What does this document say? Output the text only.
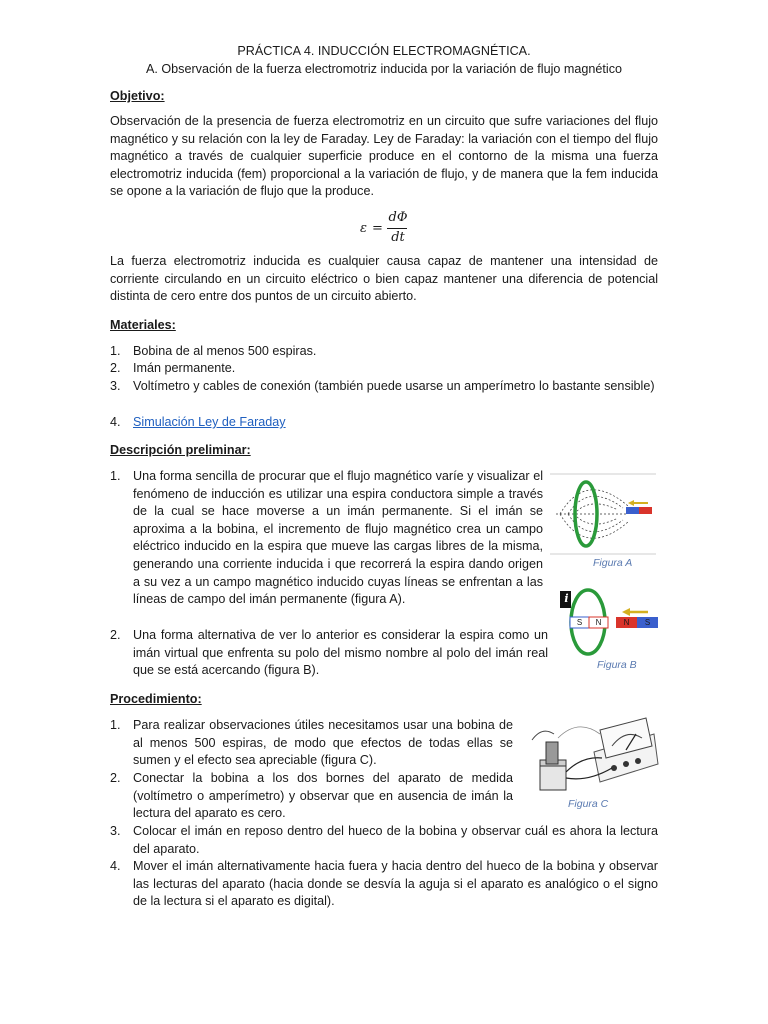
PRÁCTICA 4. INDUCCIÓN ELECTROMAGNÉTICA.
A. Observación de la fuerza electromotriz inducida por la variación de flujo magnético
Objetivo:
Observación de la presencia de fuerza electromotriz en un circuito que sufre variaciones del flujo magnético y su relación con la ley de Faraday. Ley de Faraday: la variación con el tiempo del flujo magnético a través de cualquier superficie produce en el contorno de la misma una fuerza electromotriz inducida (fem) proporcional a la variación de flujo, y de manera que la fem inducida se opone a la variación de flujo que la produce.
ε =
dΦ
dt
La fuerza electromotriz inducida es cualquier causa capaz de mantener una intensidad de corriente circulando en un circuito eléctrico o bien capaz mantener una diferencia de potencial distinta de cero entre dos puntos de un circuito abierto.
Materiales:
1. Bobina de al menos 500 espiras.
2. Imán permanente.
3. Voltímetro y cables de conexión (también puede usarse un amperímetro lo bastante sensible)
4. Simulación Ley de Faraday
Descripción preliminar:
1. Una forma sencilla de procurar que el flujo magnético varíe y visualizar el fenómeno de inducción es utilizar una espira conductora simple a través de la cual se hace moverse a un imán permanente. Si el imán se aproxima a la bobina, el incremento de flujo magnético crea un campo eléctrico inducido en la espira que mueve las cargas libres de la misma, generando una corriente inducida i que recorrerá la espira dando origen a su vez a un campo magnético inducido cuyas líneas se enfrentan a las líneas de campo del imán permanente (figura A).
2. Una forma alternativa de ver lo anterior es considerar la espira como un imán virtual que enfrenta su polo del mismo nombre al polo del imán real que se está acercando (figura B).
Figura A
i
S	N	N	S
Figura B
Procedimiento:
1. Para realizar observaciones útiles necesitamos usar una bobina de al menos 500 espiras, de modo que efectos de todas ellas se sumen y el efecto sea apreciable (figura C).
2. Conectar la bobina a los dos bornes del aparato de medida (voltímetro o amperímetro) y observar que en ausencia de imán la lectura del aparato es cero.
3. Colocar el imán en reposo dentro del hueco de la bobina y observar cuál es ahora la lectura del aparato.
4. Mover el imán alternativamente hacia fuera y hacia dentro del hueco de la bobina y observar las lecturas del aparato (hacia donde se desvía la aguja si el aparato es analógico o el signo de la lectura si el aparato es digital).
Figura C
